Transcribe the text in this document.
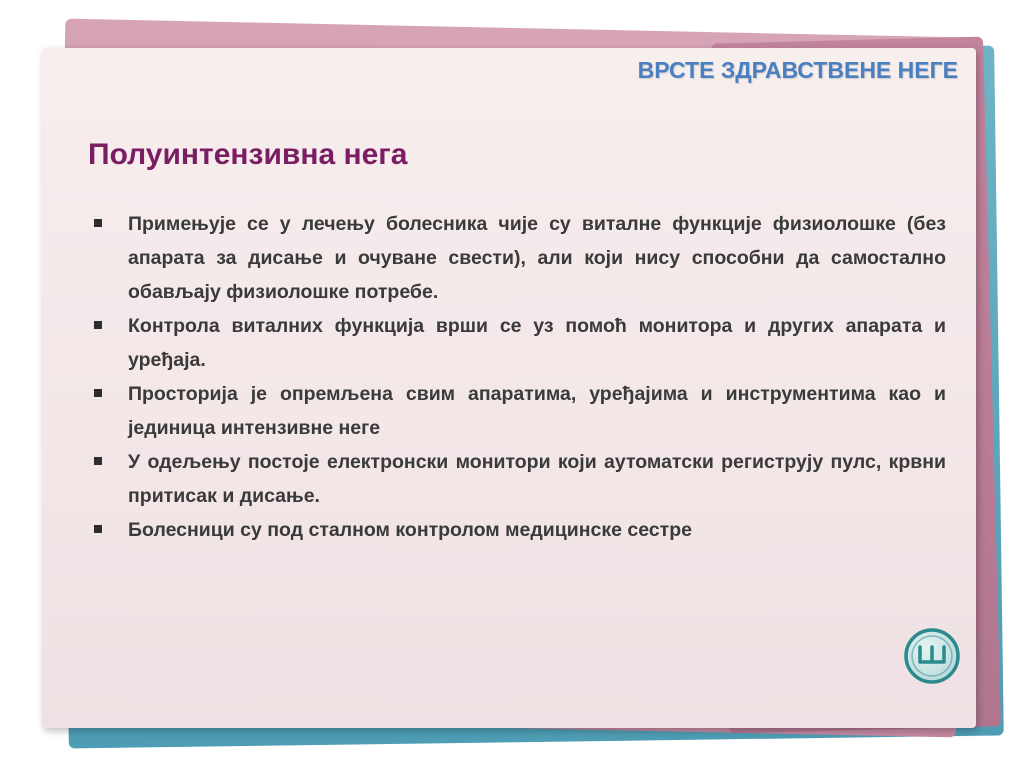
ВРСТЕ ЗДРАВСТВЕНЕ НЕГЕ
Полуинтензивна нега
Примењује се у лечењу болесника чије су виталне функције физиолошке (без апарата за дисање и очуване свести), али који нису способни да самостално обављају физиолошке потребе.
Контрола виталних функција врши се уз помоћ монитора и других апарата и уређаја.
Просторија је опремљена свим апаратима, уређајима и инструментима као и јединица интензивне неге
У одељењу постоје електронски монитори који аутоматски региструју пулс, крвни притисак и дисање.
Болесници су под сталном контролом медицинске сестре
